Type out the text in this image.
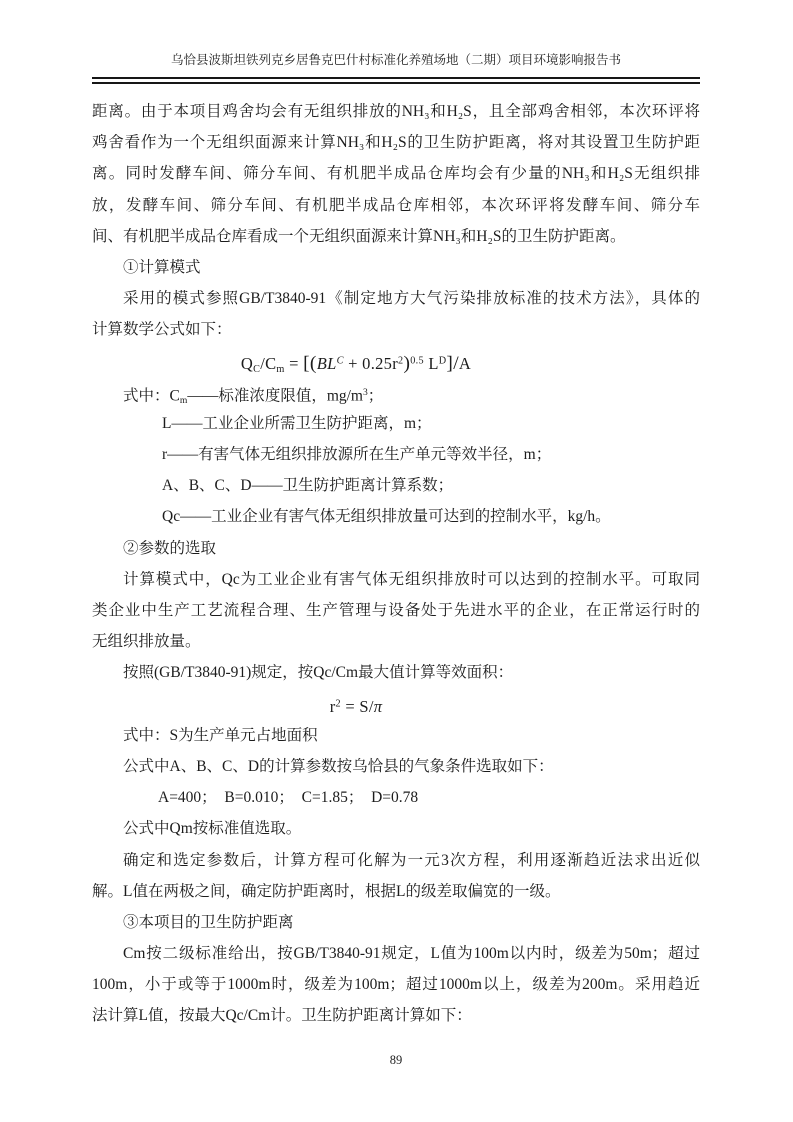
乌恰县波斯坦铁列克乡居鲁克巴什村标准化养殖场地（二期）项目环境影响报告书
距离。由于本项目鸡舍均会有无组织排放的NH₃和H₂S，且全部鸡舍相邻，本次环评将
鸡舍看作为一个无组织面源来计算NH₃和H₂S的卫生防护距离，将对其设置卫生防护距
离。同时发酵车间、筛分车间、有机肥半成品仓库均会有少量的NH₃和H₂S无组织排
放，发酵车间、筛分车间、有机肥半成品仓库相邻，本次环评将发酵车间、筛分车
间、有机肥半成品仓库看成一个无组织面源来计算NH₃和H₂S的卫生防护距离。
①计算模式
采用的模式参照GB/T3840-91《制定地方大气污染排放标准的技术方法》，具体的
计算数学公式如下：
$QC/Cm = [(BL^C + 0.25r^2)^{0.5}$ $L^D]/A$
式中：Cm——标准浓度限值，$mg/m^3$；
L——工业企业所需卫生防护距离，m；
r——有害气体无组织排放源所在生产单元等效半径，m；
A、B、C、D——卫生防护距离计算系数；
Qc——工业企业有害气体无组织排放量可达到的控制水平，kg/h。
②参数的选取
计算模式中，Qc为工业企业有害气体无组织排放时可以达到的控制水平。可取同
类企业中生产工艺流程合理、生产管理与设备处于先进水平的企业，在正常运行时的
无组织排放量。
按照(GB/T3840-91)规定，按Qc/Cm最大值计算等效面积：
$r^2 = S/\pi$
式中：S为生产单元占地面积
公式中A、B、C、D的计算参数按乌恰县的气象条件选取如下：
A=400；　B=0.010；　C=1.85；　D=0.78
公式中Qm按标准值选取。
确定和选定参数后，计算方程可化解为一元3次方程，利用逐渐趋近法求出近似
解。L值在两极之间，确定防护距离时，根据L的级差取偏宽的一级。
③本项目的卫生防护距离
Cm按二级标准给出，按GB/T3840-91规定，L值为100m以内时，级差为50m；超过
100m，小于或等于1000m时，级差为100m；超过1000m以上，级差为200m。采用趋近
法计算L值，按最大Qc/Cm计。卫生防护距离计算如下：
89
